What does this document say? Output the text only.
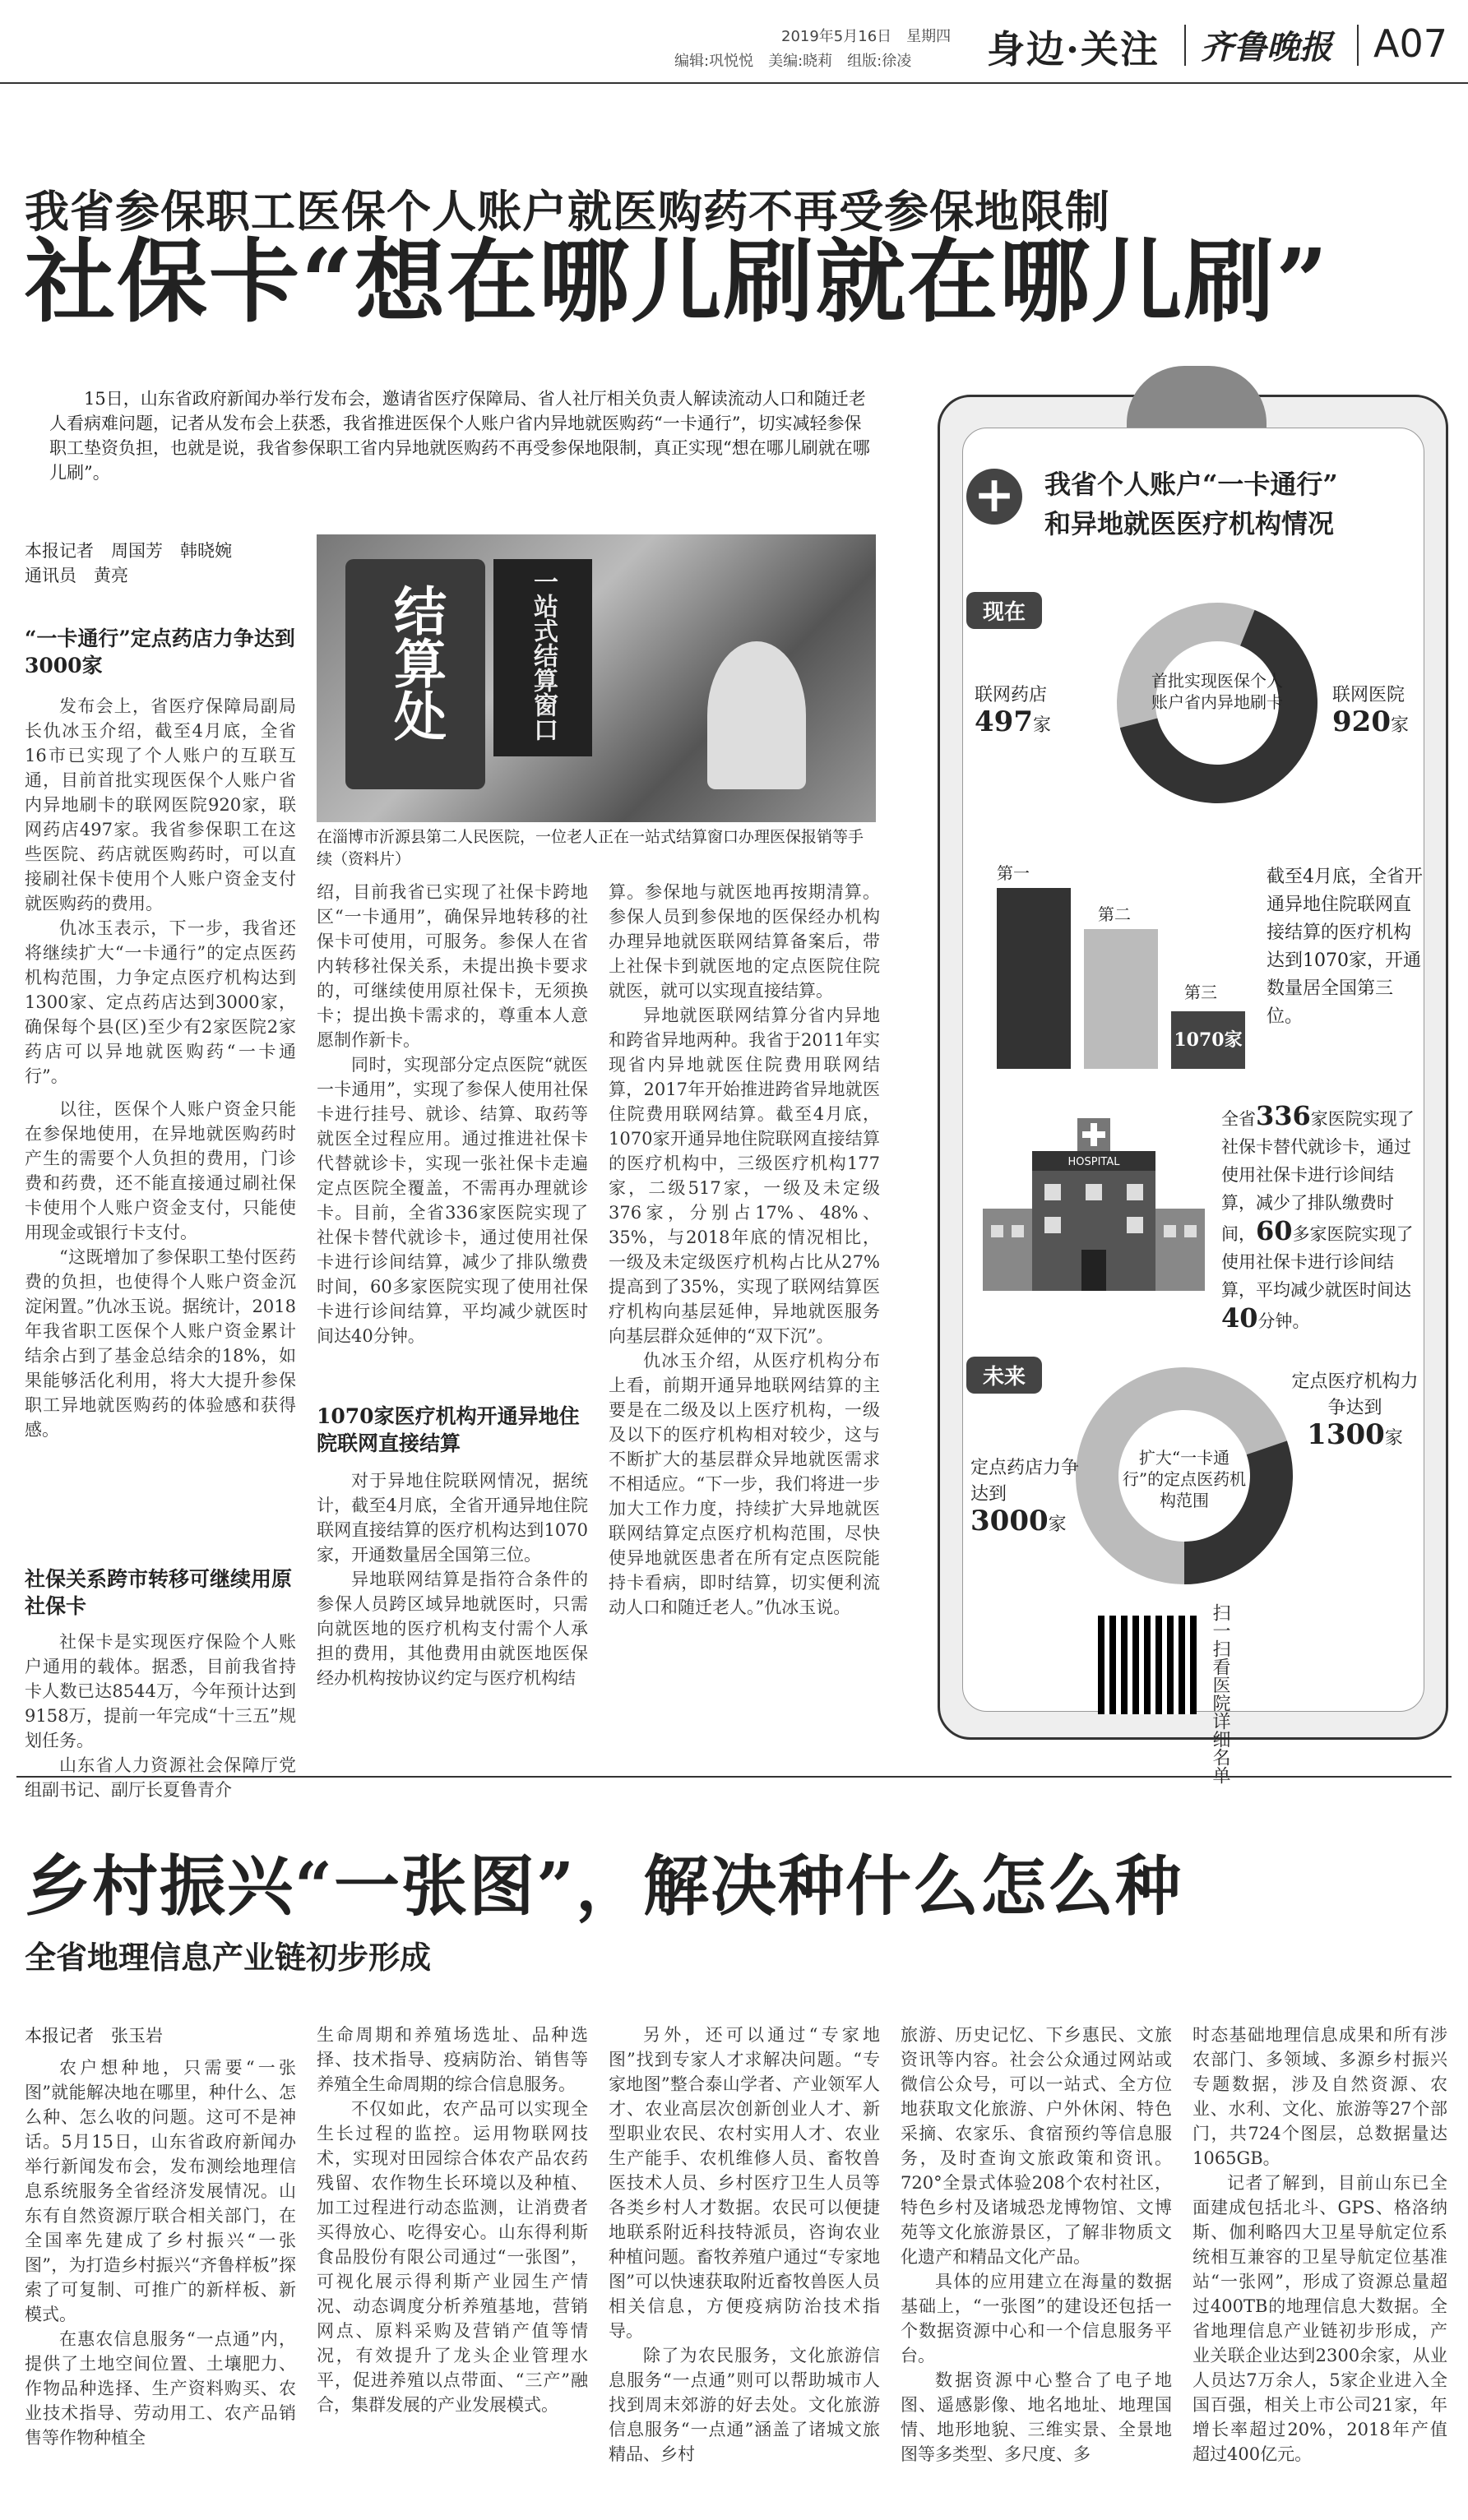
2019年5月16日　星期四
编辑:巩悦悦　美编:晓莉　组版:徐凌 身边·关注 齐鲁晚报 A07
我省参保职工医保个人账户就医购药不再受参保地限制
社保卡“想在哪儿刷就在哪儿刷”
15日，山东省政府新闻办举行发布会，邀请省医疗保障局、省人社厅相关负责人解读流动人口和随迁老人看病难问题，记者从发布会上获悉，我省推进医保个人账户省内异地就医购药“一卡通行”，切实减轻参保职工垫资负担，也就是说，我省参保职工省内异地就医购药不再受参保地限制，真正实现“想在哪儿刷就在哪儿刷”。
本报记者　周国芳　韩晓婉
通讯员　黄亮
“一卡通行”定点药店力争达到3000家

发布会上，省医疗保障局副局长仇冰玉介绍，截至4月底，全省16市已实现了个人账户的互联互通，目前首批实现医保个人账户省内异地刷卡的联网医院920家，联网药店497家。我省参保职工在这些医院、药店就医购药时，可以直接刷社保卡使用个人账户资金支付就医购药的费用。

仇冰玉表示，下一步，我省还将继续扩大“一卡通行”的定点医药机构范围，力争定点医疗机构达到1300家、定点药店达到3000家，确保每个县(区)至少有2家医院2家药店可以异地就医购药“一卡通行”。

以往，医保个人账户资金只能在参保地使用，在异地就医购药时产生的需要个人负担的费用，门诊费和药费，还不能直接通过刷社保卡使用个人账户资金支付，只能使用现金或银行卡支付。

“这既增加了参保职工垫付医药费的负担，也使得个人账户资金沉淀闲置。”仇冰玉说。据统计，2018年我省职工医保个人账户资金累计结余占到了基金总结余的18%，如果能够活化利用，将大大提升参保职工异地就医购药的体验感和获得感。

社保关系跨市转移可继续用原社保卡

社保卡是实现医疗保险个人账户通用的载体。据悉，目前我省持卡人数已达8544万，今年预计达到9158万，提前一年完成“十三五”规划任务。

山东省人力资源社会保障厅党组副书记、副厅长夏鲁青介

结算处	一站式结算窗口
在淄博市沂源县第二人民医院，一位老人正在一站式结算窗口办理医保报销等手续（资料片）

绍，目前我省已实现了社保卡跨地区“一卡通用”，确保异地转移的社保卡可使用，可服务。参保人在省内转移社保关系，未提出换卡要求的，可继续使用原社保卡，无须换卡；提出换卡需求的，尊重本人意愿制作新卡。

同时，实现部分定点医院“就医一卡通用”，实现了参保人使用社保卡进行挂号、就诊、结算、取药等就医全过程应用。通过推进社保卡代替就诊卡，实现一张社保卡走遍定点医院全覆盖，不需再办理就诊卡。目前，全省336家医院实现了社保卡替代就诊卡，通过使用社保卡进行诊间结算，减少了排队缴费时间，60多家医院实现了使用社保卡进行诊间结算，平均减少就医时间达40分钟。

1070家医疗机构开通异地住院联网直接结算

对于异地住院联网情况，据统计，截至4月底，全省开通异地住院联网直接结算的医疗机构达到1070家，开通数量居全国第三位。

异地联网结算是指符合条件的参保人员跨区域异地就医时，只需向就医地的医疗机构支付需个人承担的费用，其他费用由就医地医保经办机构按协议约定与医疗机构结

算。参保地与就医地再按期清算。参保人员到参保地的医保经办机构办理异地就医联网结算备案后，带上社保卡到就医地的定点医院住院就医，就可以实现直接结算。

异地就医联网结算分省内异地和跨省异地两种。我省于2011年实现省内异地就医住院费用联网结算，2017年开始推进跨省异地就医住院费用联网结算。截至4月底，1070家开通异地住院联网直接结算的医疗机构中，三级医疗机构177家，二级517家，一级及未定级376家，分别占17%、48%、35%，与2018年底的情况相比，一级及未定级医疗机构占比从27%提高到了35%，实现了联网结算医疗机构向基层延伸，异地就医服务向基层群众延伸的“双下沉”。

仇冰玉介绍，从医疗机构分布上看，前期开通异地联网结算的主要是在二级及以上医疗机构，一级及以下的医疗机构相对较少，这与不断扩大的基层群众异地就医需求不相适应。“下一步，我们将进一步加大工作力度，持续扩大异地就医联网结算定点医疗机构范围，尽快使异地就医患者在所有定点医院能持卡看病，即时结算，切实便利流动人口和随迁老人。”仇冰玉说。

+ 我省个人账户“一卡通行”
和异地就医医疗机构情况
现在
首批实现医保个人账户省内异地刷卡
联网药店
497家
联网医院
920家
第一
第二
1070家
第三
截至4月底，全省开通异地住院联网直接结算的医疗机构达到1070家，开通数量居全国第三位。
HOSPITAL
全省336家医院实现了社保卡替代就诊卡，通过使用社保卡进行诊间结算，减少了排队缴费时间，60多家医院实现了使用社保卡进行诊间结算，平均减少就医时间达40分钟。
未来
扩大“一卡通行”的定点医药机构范围
定点医疗机构力争达到
1300家
定点药店力争达到
3000家
扫一扫看医院详细名单
乡村振兴“一张图”，解决种什么怎么种
全省地理信息产业链初步形成
本报记者　张玉岩

农户想种地，只需要“一张图”就能解决地在哪里，种什么、怎么种、怎么收的问题。这可不是神话。5月15日，山东省政府新闻办举行新闻发布会，发布测绘地理信息系统服务全省经济发展情况。山东有自然资源厅联合相关部门，在全国率先建成了乡村振兴“一张图”，为打造乡村振兴“齐鲁样板”探索了可复制、可推广的新样板、新模式。

在惠农信息服务“一点通”内，提供了土地空间位置、土壤肥力、作物品种选择、生产资料购买、农业技术指导、劳动用工、农产品销售等作物种植全

生命周期和养殖场选址、品种选择、技术指导、疫病防治、销售等养殖全生命周期的综合信息服务。

不仅如此，农产品可以实现全生长过程的监控。运用物联网技术，实现对田园综合体农产品农药残留、农作物生长环境以及种植、加工过程进行动态监测，让消费者买得放心、吃得安心。山东得利斯食品股份有限公司通过“一张图”，可视化展示得利斯产业园生产情况、动态调度分析养殖基地，营销网点、原料采购及营销产值等情况，有效提升了龙头企业管理水平，促进养殖以点带面、“三产”融合，集群发展的产业发展模式。

另外，还可以通过“专家地图”找到专家人才求解决问题。“专家地图”整合泰山学者、产业领军人才、农业高层次创新创业人才、新型职业农民、农村实用人才、农业生产能手、农机维修人员、畜牧兽医技术人员、乡村医疗卫生人员等各类乡村人才数据。农民可以便捷地联系附近科技特派员，咨询农业种植问题。畜牧养殖户通过“专家地图”可以快速获取附近畜牧兽医人员相关信息，方便疫病防治技术指导。

除了为农民服务，文化旅游信息服务“一点通”则可以帮助城市人找到周末郊游的好去处。文化旅游信息服务“一点通”涵盖了诸城文旅精品、乡村

旅游、历史记忆、下乡惠民、文旅资讯等内容。社会公众通过网站或微信公众号，可以一站式、全方位地获取文化旅游、户外休闲、特色采摘、农家乐、食宿预约等信息服务，及时查询文旅政策和资讯。720°全景式体验208个农村社区，特色乡村及诸城恐龙博物馆、文博苑等文化旅游景区，了解非物质文化遗产和精品文化产品。

具体的应用建立在海量的数据基础上，“一张图”的建设还包括一个数据资源中心和一个信息服务平台。

数据资源中心整合了电子地图、遥感影像、地名地址、地理国情、地形地貌、三维实景、全景地图等多类型、多尺度、多

时态基础地理信息成果和所有涉农部门、多领域、多源乡村振兴专题数据，涉及自然资源、农业、水利、文化、旅游等27个部门，共724个图层，总数据量达1065GB。

记者了解到，目前山东已全面建成包括北斗、GPS、格洛纳斯、伽利略四大卫星导航定位系统相互兼容的卫星导航定位基准站“一张网”，形成了资源总量超过400TB的地理信息大数据。全省地理信息产业链初步形成，产业关联企业达到2300余家，从业人员达7万余人，5家企业进入全国百强，相关上市公司21家，年增长率超过20%，2018年产值超过400亿元。
